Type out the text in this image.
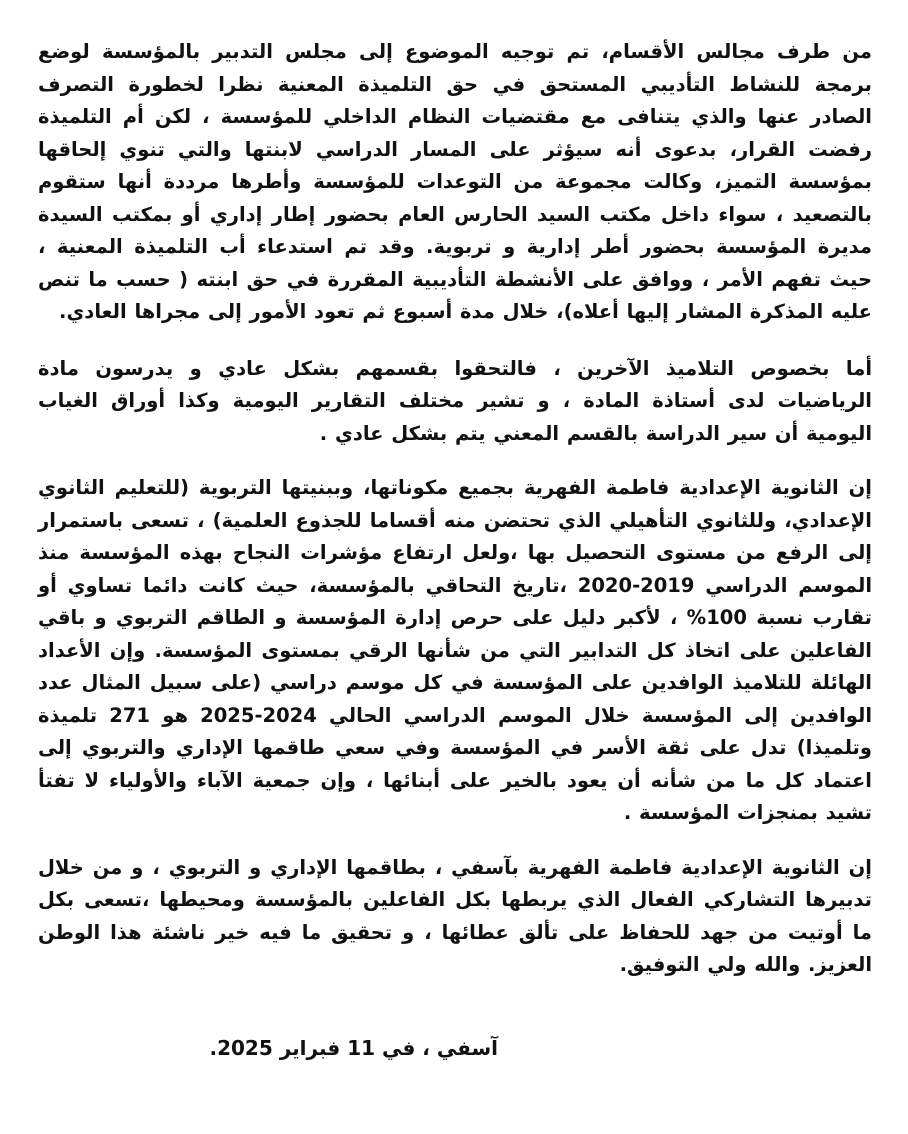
من طرف مجالس الأقسام، تم توجيه الموضوع إلى مجلس التدبير بالمؤسسة لوضع برمجة للنشاط التأديبي المستحق في حق التلميذة المعنية نظرا لخطورة التصرف الصادر عنها والذي يتنافى مع مقتضيات النظام الداخلي للمؤسسة ، لكن أم التلميذة رفضت القرار، بدعوى أنه سيؤثر على المسار الدراسي لابنتها والتي تنوي إلحاقها بمؤسسة التميز، وكالت مجموعة من التوعدات للمؤسسة وأطرها مرددة أنها ستقوم بالتصعيد ، سواء داخل مكتب السيد الحارس العام بحضور إطار إداري أو بمكتب السيدة مديرة المؤسسة بحضور أطر إدارية و تربوية. وقد تم استدعاء أب التلميذة المعنية ، حيث تفهم الأمر ، ووافق على الأنشطة التأديبية المقررة في حق ابنته ( حسب ما تنص عليه المذكرة المشار إليها أعلاه)، خلال مدة أسبوع ثم تعود الأمور إلى مجراها العادي.

أما بخصوص التلاميذ الآخرين ، فالتحقوا بقسمهم بشكل عادي و يدرسون مادة الرياضيات لدى أستاذة المادة ، و تشير مختلف التقارير اليومية وكذا أوراق الغياب اليومية أن سير الدراسة بالقسم المعني يتم بشكل عادي .

إن الثانوية الإعدادية فاطمة الفهرية بجميع مكوناتها، وببنيتها التربوية (للتعليم الثانوي الإعدادي، وللثانوي التأهيلي الذي تحتضن منه أقساما للجذوع العلمية) ، تسعى باستمرار إلى الرفع من مستوى التحصيل بها ،ولعل ارتفاع مؤشرات النجاح بهذه المؤسسة منذ الموسم الدراسي 2019-2020 ،تاريخ التحاقي بالمؤسسة، حيث كانت دائما تساوي أو تقارب نسبة 100% ، لأكبر دليل على حرص إدارة المؤسسة و الطاقم التربوي و باقي الفاعلين على اتخاذ كل التدابير التي من شأنها الرقي بمستوى المؤسسة. وإن الأعداد الهائلة للتلاميذ الوافدين على المؤسسة في كل موسم دراسي (على سبيل المثال عدد الوافدين إلى المؤسسة خلال الموسم الدراسي الحالي 2024-2025 هو 271 تلميذة وتلميذا) تدل على ثقة الأسر في المؤسسة وفي سعي طاقمها الإداري والتربوي إلى اعتماد كل ما من شأنه أن يعود بالخير على أبنائها ، وإن جمعية الآباء والأولياء لا تفتأ تشيد بمنجزات المؤسسة .

إن الثانوية الإعدادية فاطمة الفهرية بآسفي ، بطاقمها الإداري و التربوي ، و من خلال تدبيرها التشاركي الفعال الذي يربطها بكل الفاعلين بالمؤسسة ومحيطها ،تسعى بكل ما أوتيت من جهد للحفاظ على تألق عطائها ، و تحقيق ما فيه خير ناشئة هذا الوطن العزيز. والله ولي التوفيق.

آسفي ، في 11 فبراير 2025.
